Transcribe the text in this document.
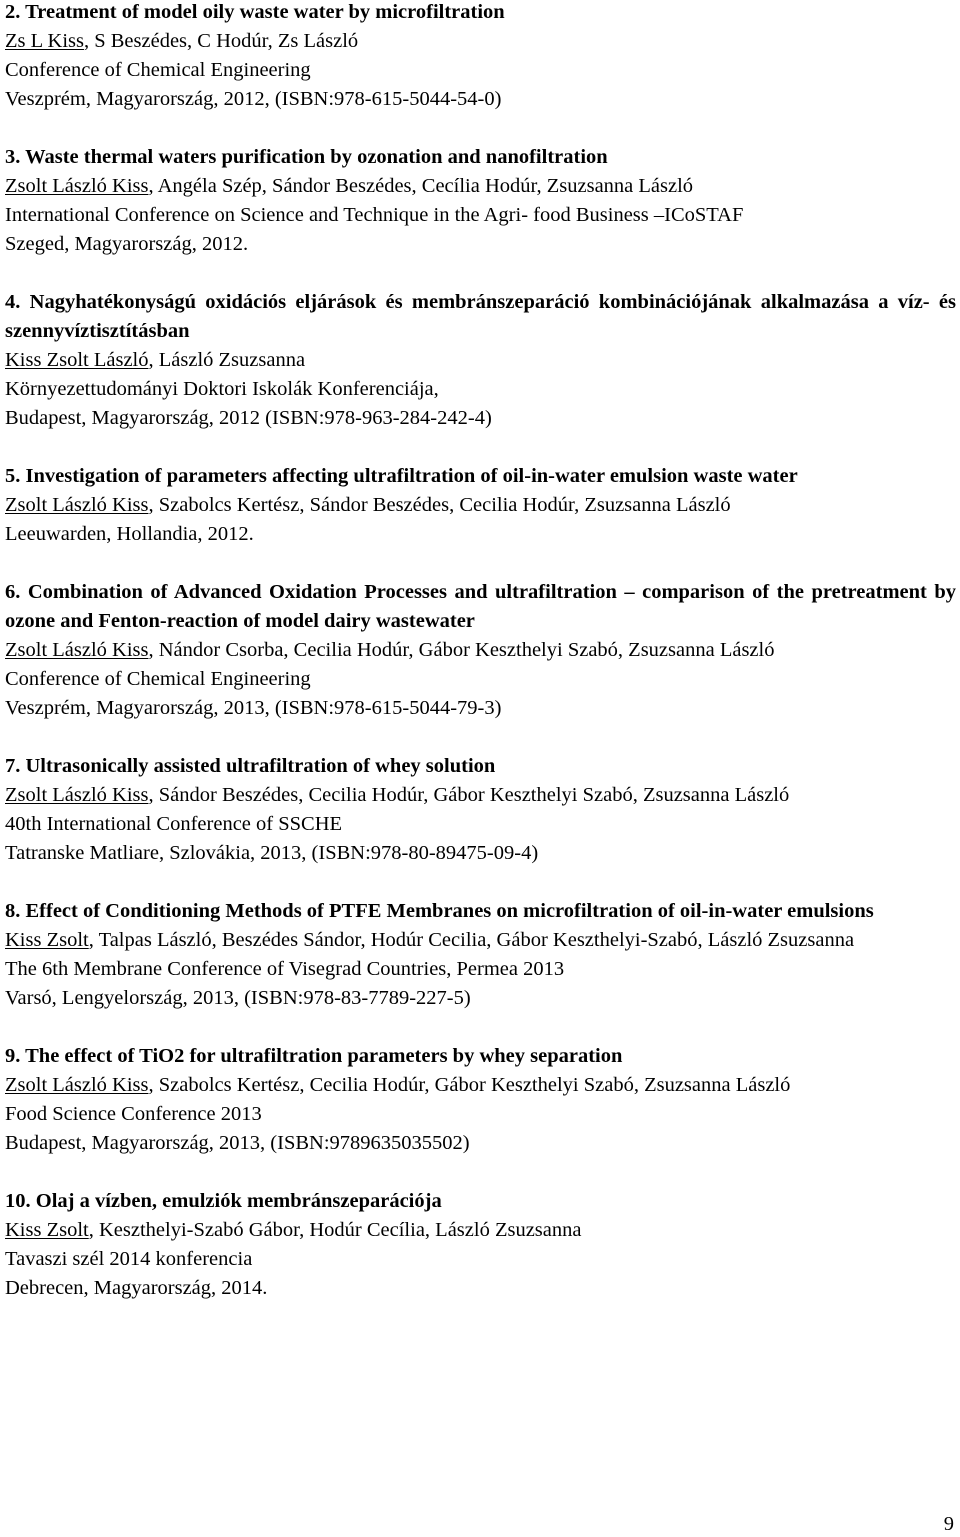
2. Treatment of model oily waste water by microfiltration
Zs L Kiss, S Beszédes, C Hodúr, Zs László
Conference of Chemical Engineering
Veszprém, Magyarország, 2012, (ISBN:978-615-5044-54-0)
3. Waste thermal waters purification by ozonation and nanofiltration
Zsolt László Kiss, Angéla Szép, Sándor Beszédes, Cecília Hodúr, Zsuzsanna László
International Conference on Science and Technique in the Agri- food Business –ICoSTAF
Szeged, Magyarország, 2012.
4. Nagyhatékonyságú oxidációs eljárások és membránszeparáció kombinációjának alkalmazása a víz- és szennyvíztisztításban
Kiss Zsolt László, László Zsuzsanna
Környezettudományi Doktori Iskolák Konferenciája,
Budapest, Magyarország, 2012 (ISBN:978-963-284-242-4)
5. Investigation of parameters affecting ultrafiltration of oil-in-water emulsion waste water
Zsolt László Kiss, Szabolcs Kertész, Sándor Beszédes, Cecilia Hodúr, Zsuzsanna László
Leeuwarden, Hollandia, 2012.
6. Combination of Advanced Oxidation Processes and ultrafiltration – comparison of the pretreatment by ozone and Fenton-reaction of model dairy wastewater
Zsolt László Kiss, Nándor Csorba, Cecilia Hodúr, Gábor Keszthelyi Szabó, Zsuzsanna László
Conference of Chemical Engineering
Veszprém, Magyarország, 2013, (ISBN:978-615-5044-79-3)
7. Ultrasonically assisted ultrafiltration of whey solution
Zsolt László Kiss, Sándor Beszédes, Cecilia Hodúr, Gábor Keszthelyi Szabó, Zsuzsanna László
40th International Conference of SSCHE
Tatranske Matliare, Szlovákia, 2013, (ISBN:978-80-89475-09-4)
8. Effect of Conditioning Methods of PTFE Membranes on microfiltration of oil-in-water emulsions
Kiss Zsolt, Talpas László, Beszédes Sándor, Hodúr Cecilia, Gábor Keszthelyi-Szabó, László Zsuzsanna
The 6th Membrane Conference of Visegrad Countries, Permea 2013
Varsó, Lengyelország, 2013, (ISBN:978-83-7789-227-5)
9. The effect of TiO2 for ultrafiltration parameters by whey separation
Zsolt László Kiss, Szabolcs Kertész, Cecilia Hodúr, Gábor Keszthelyi Szabó, Zsuzsanna László
Food Science Conference 2013
Budapest, Magyarország, 2013, (ISBN:9789635035502)
10. Olaj a vízben, emulziók membránszeparációja
Kiss Zsolt, Keszthelyi-Szabó Gábor, Hodúr Cecília, László Zsuzsanna
Tavaszi szél 2014 konferencia
Debrecen, Magyarország, 2014.
9
